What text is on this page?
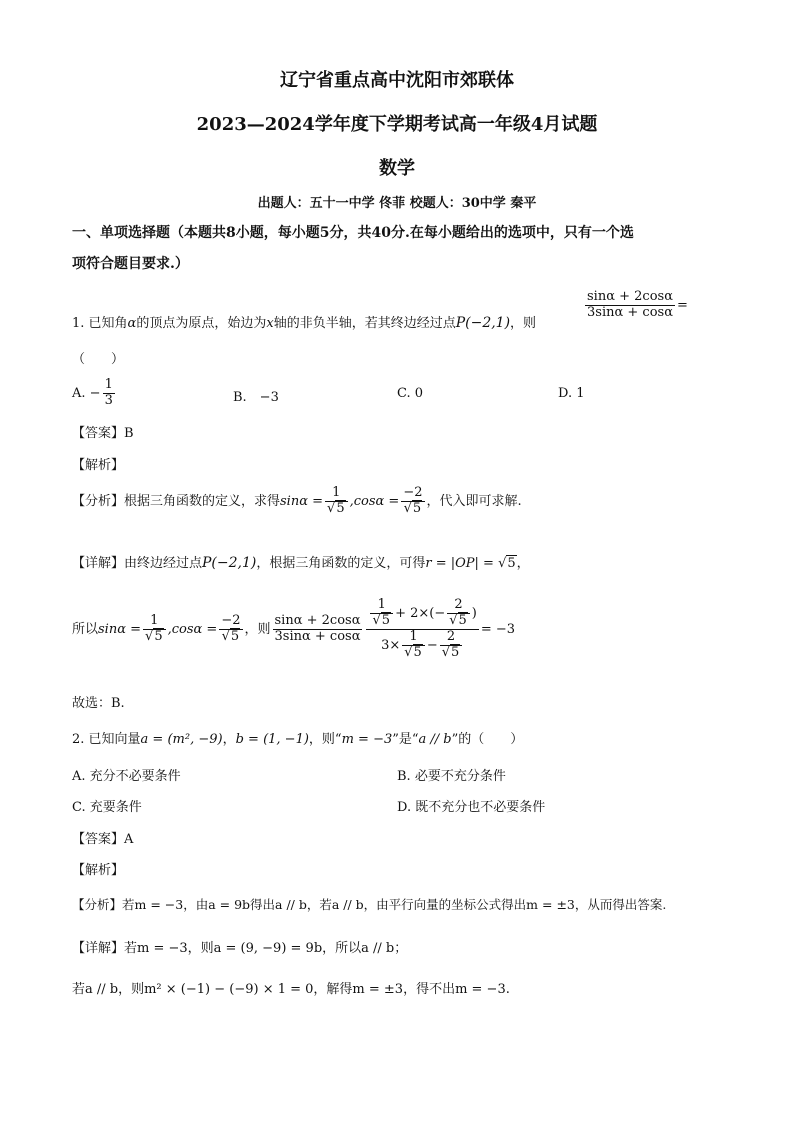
辽宁省重点高中沈阳市郊联体
2023—2024学年度下学期考试高一年级4月试题
数学
出题人：五十一中学 佟菲 校题人：30中学 秦平
一、单项选择题（本题共8小题，每小题5分，共40分.在每小题给出的选项中，只有一个选
项符合题目要求.）
1. 已知角α的顶点为原点，始边为x轴的非负半轴，若其终边经过点P(−2,1)，则
$\frac{\sin\alpha + 2\cos\alpha}{3\sin\alpha + \cos\alpha}$ =
（　　）
A. − $\frac{1}{3}$	B.　−3	C. 0	D. 1
【答案】B
【解析】
【分析】根据三角函数的定义，求得$\sin\alpha = \frac{1}{√5} ,\cos\alpha = \frac{-2}{√5}$ ，代入即可求解.
【详解】由终边经过点P(−2,1)，根据三角函数的定义，可得r = |OP| = √5，
所以$\sin\alpha = \frac{1}{√5} ,\cos\alpha = \frac{-2}{√5}$ ，则 $\frac{\sin\alpha + 2\cos\alpha}{3\sin\alpha + \cos\alpha} \frac{\frac{1}{√5} + 2\times(- \frac{2}{√5} )}{3\times \frac{1}{√5} - \frac{2}{√5}} = -3$
故选：B.
2. 已知向量a = (m², −9)，b = (1, −1)，则“m = −3”是“a // b”的（　　）
A. 充分不必要条件	B. 必要不充分条件
C. 充要条件	D. 既不充分也不必要条件
【答案】A
【解析】
【分析】若m = −3，由a = 9b得出a // b，若a // b，由平行向量的坐标公式得出m = ±3，从而得出答案.
【详解】若m = −3，则a = (9, −9) = 9b，所以a // b；
若a // b，则m² × (−1) − (−9) × 1 = 0，解得m = ±3，得不出m = −3.
